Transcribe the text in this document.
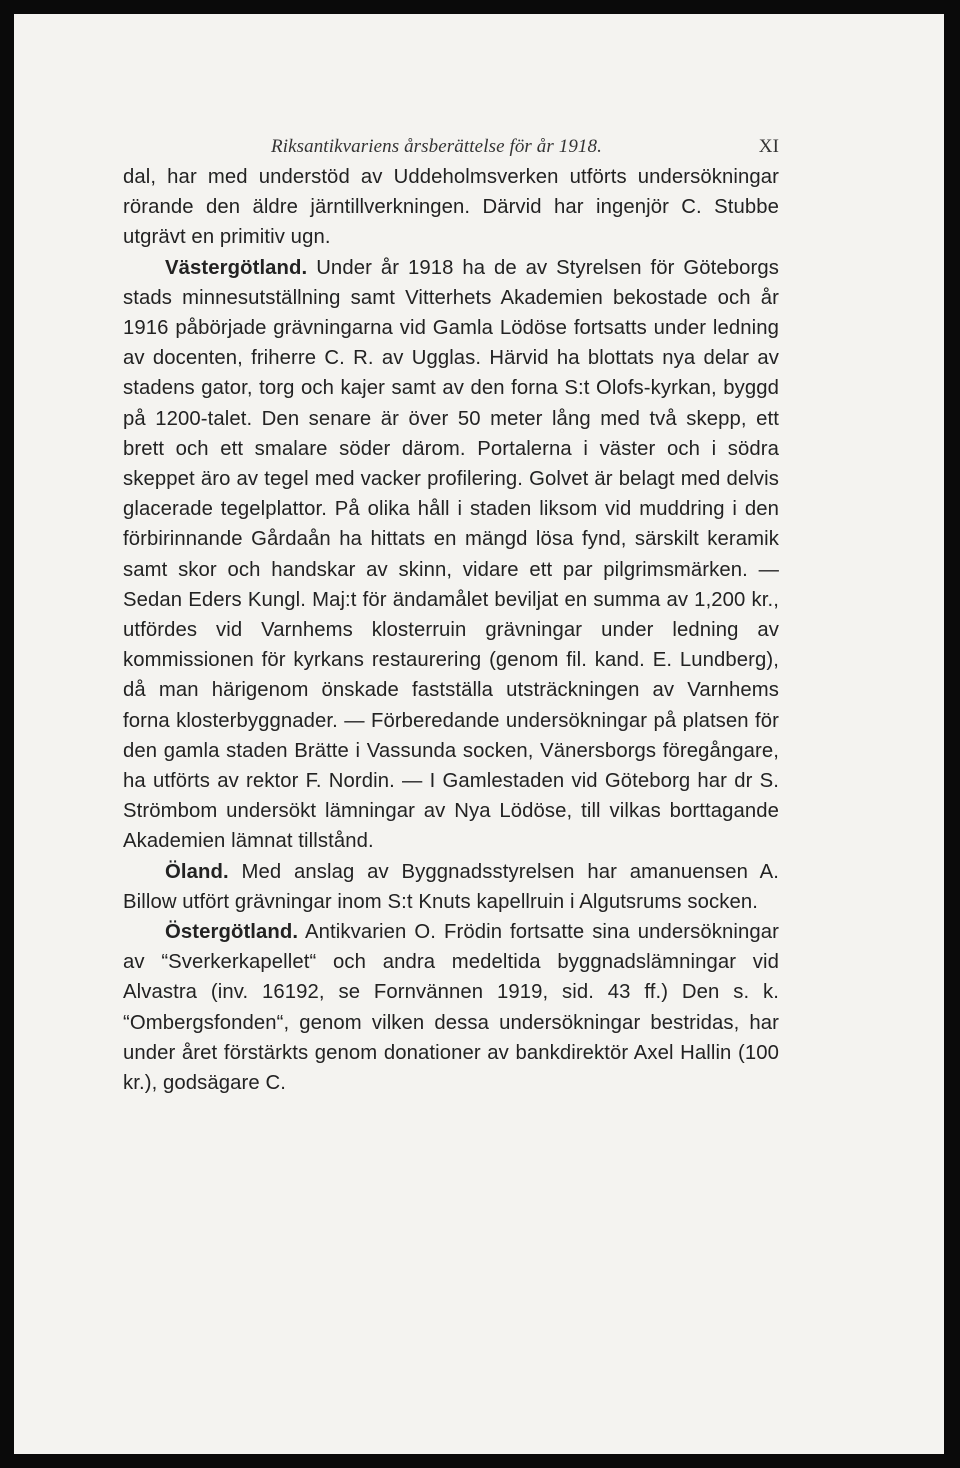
Riksantikvariens årsberättelse för år 1918.	XI

dal, har med understöd av Uddeholmsverken utförts undersökningar rörande den äldre järntillverkningen. Därvid har ingenjör C. Stubbe utgrävt en primitiv ugn.

Västergötland. Under år 1918 ha de av Styrelsen för Göteborgs stads minnesutställning samt Vitterhets Akademien bekostade och år 1916 påbörjade grävningarna vid Gamla Lödöse fortsatts under ledning av docenten, friherre C. R. av Ugglas. Härvid ha blottats nya delar av stadens gator, torg och kajer samt av den forna S:t Olofs-kyrkan, byggd på 1200-talet. Den senare är över 50 meter lång med två skepp, ett brett och ett smalare söder därom. Portalerna i väster och i södra skeppet äro av tegel med vacker profilering. Golvet är belagt med delvis glacerade tegelplattor. På olika håll i staden liksom vid muddring i den förbirinnande Gårdaån ha hittats en mängd lösa fynd, särskilt keramik samt skor och handskar av skinn, vidare ett par pilgrimsmärken. — Sedan Eders Kungl. Maj:t för ändamålet beviljat en summa av 1,200 kr., utfördes vid Varnhems klosterruin grävningar under ledning av kommissionen för kyrkans restaurering (genom fil. kand. E. Lundberg), då man härigenom önskade fastställa utsträckningen av Varnhems forna klosterbyggnader. — Förberedande undersökningar på platsen för den gamla staden Brätte i Vassunda socken, Vänersborgs föregångare, ha utförts av rektor F. Nordin. — I Gamlestaden vid Göteborg har dr S. Strömbom undersökt lämningar av Nya Lödöse, till vilkas borttagande Akademien lämnat tillstånd.

Öland. Med anslag av Byggnadsstyrelsen har amanuensen A. Billow utfört grävningar inom S:t Knuts kapellruin i Algutsrums socken.

Östergötland. Antikvarien O. Frödin fortsatte sina undersökningar av “Sverkerkapellet“ och andra medeltida byggnadslämningar vid Alvastra (inv. 16192, se Fornvännen 1919, sid. 43 ff.) Den s. k. “Ombergsfonden“, genom vilken dessa undersökningar bestridas, har under året förstärkts genom donationer av bankdirektör Axel Hallin (100 kr.), godsägare C.
